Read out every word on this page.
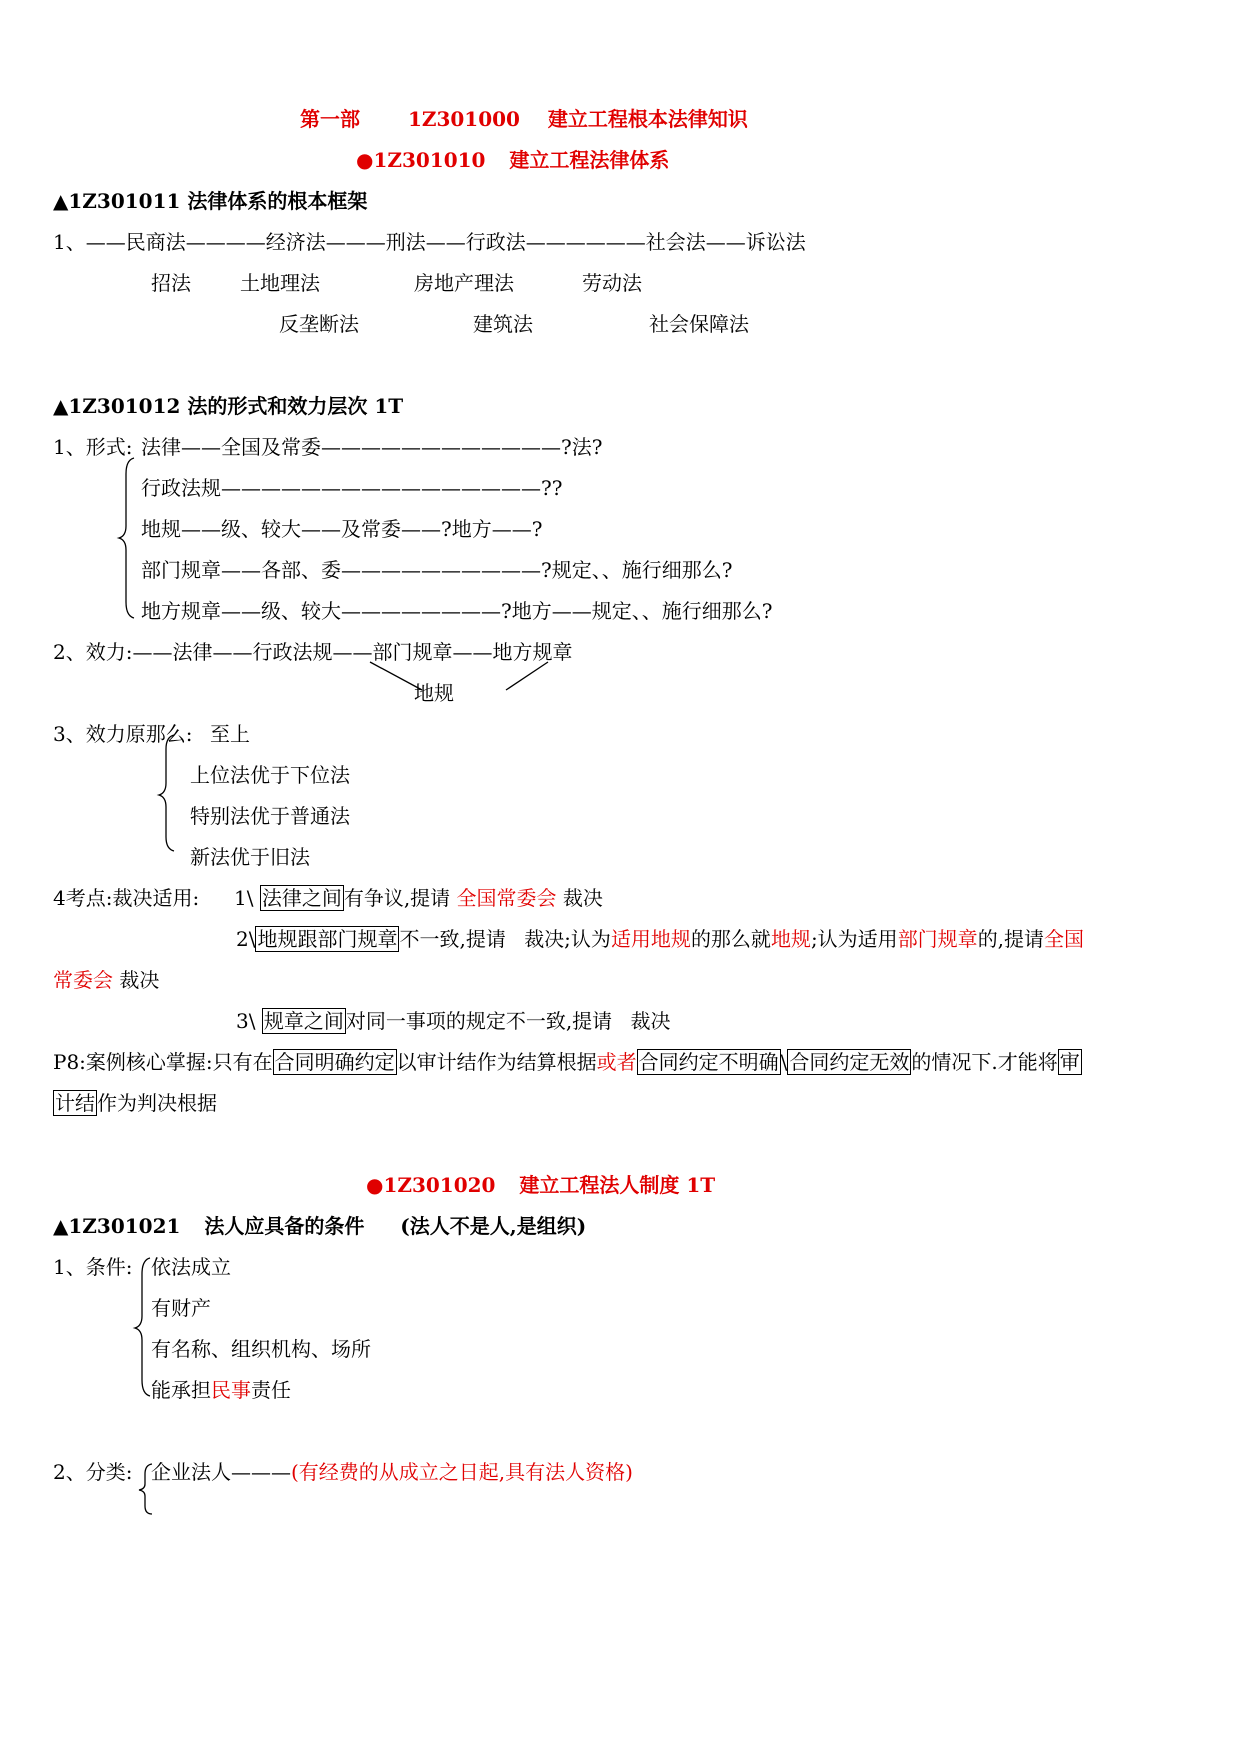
第一部 1Z301000 建立工程根本法律知识
●1Z301010 建立工程法律体系
▲1Z301011 法律体系的根本框架
1、——民商法————经济法———刑法——行政法——————社会法——诉讼法
招法 土地理法	房地产理法	劳动法
反垄断法	建筑法	社会保障法
▲1Z301012 法的形式和效力层次 1T
1、形式: 法律——全国及常委————————————?法?
行政法规————————————————??
地规——级、较大——及常委——?地方——?
部门规章——各部、委——————————?规定、、施行细那么?
地方规章——级、较大————————?地方——规定、、施行细那么?
2、效力:——法律——行政法规——部门规章——地方规章
地规
3、效力原那么: 至上
上位法优于下位法
特别法优于普通法
新法优于旧法
4考点:裁决适用: 1\ 法律之间 有争议,提请 全国常委会 裁决
2\ 地规跟部门规章 不一致,提请 裁决;认为适用地规的那么就地规;认为适用部门规章的,提请全国
常委会 裁决
3\ 规章之间 对同一事项的规定不一致,提请 裁决
P8:案例核心掌握:只有在 合同明确约定 以审计结作为结算根据或者 合同约定不明确 \ 合同约定无效 的情况下.才能将 审
计结 作为判决根据
●1Z301020 建立工程法人制度 1T
▲1Z301021 法人应具备的条件 (法人不是人,是组织)
1、条件: 依法成立
有财产
有名称、组织机构、场所
能承担民事责任
2、分类: 企业法人———(有经费的从成立之日起,具有法人资格)
